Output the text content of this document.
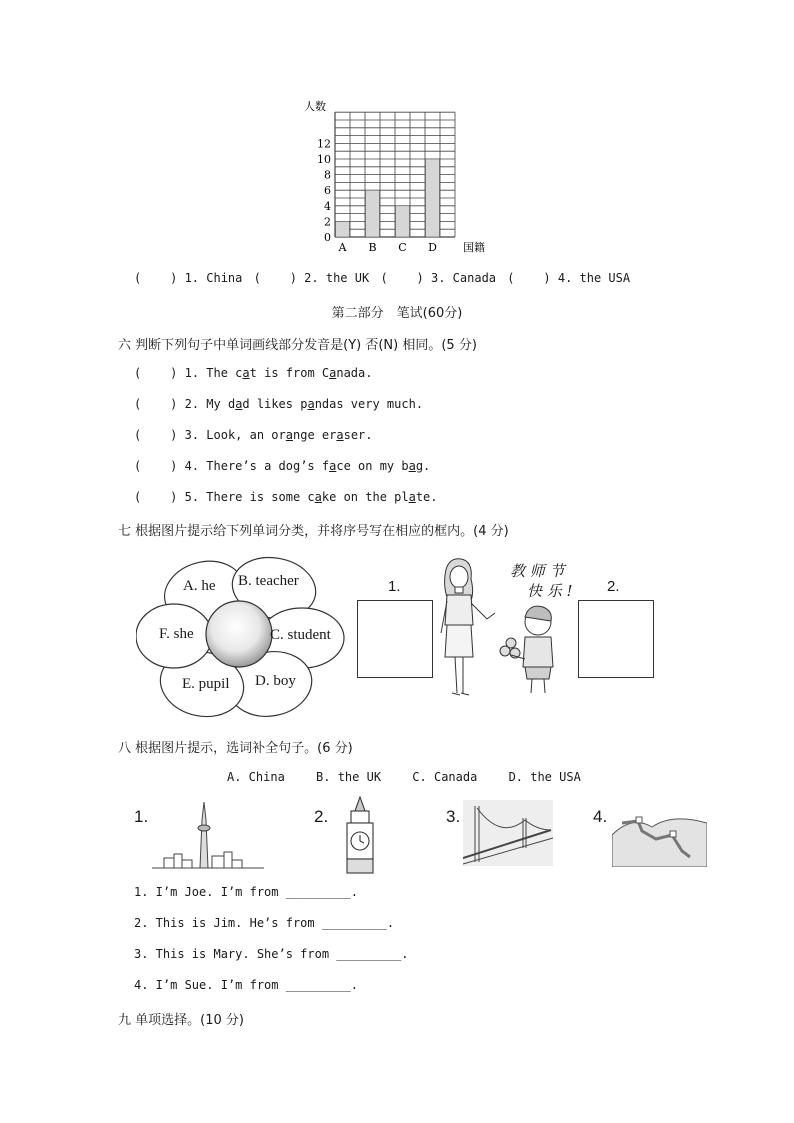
A B C D
0
2
4
6
8
10
12
人数
国籍
(    ) 1. China (    ) 2. the UK (    ) 3. Canada (    ) 4. the USA
第二部分　笔试(60分)
六 判断下列句子中单词画线部分发音是(Y) 否(N) 相同。(5 分)
(    ) 1. The cat is from Canada.
(    ) 2. My dad likes pandas very much.
(    ) 3. Look, an orange eraser.
(    ) 4. There’s a dog’s face on my bag.
(    ) 5. There is some cake on the plate.
七 根据图片提示给下列单词分类，并将序号写在相应的框内。(4 分)
A. he B. teacher
C. student
D. boy
E. pupil
F. she
1.	2.
教 师 节
快 乐 !
八 根据图片提示，选词补全句子。(6 分)
A. China	B. the UK	C. Canada	D. the USA
1.	2.	3.	4.
1. I’m Joe. I’m from _________.
2. This is Jim. He’s from _________.
3. This is Mary. She’s from _________.
4. I’m Sue. I’m from _________.
九 单项选择。(10 分)
